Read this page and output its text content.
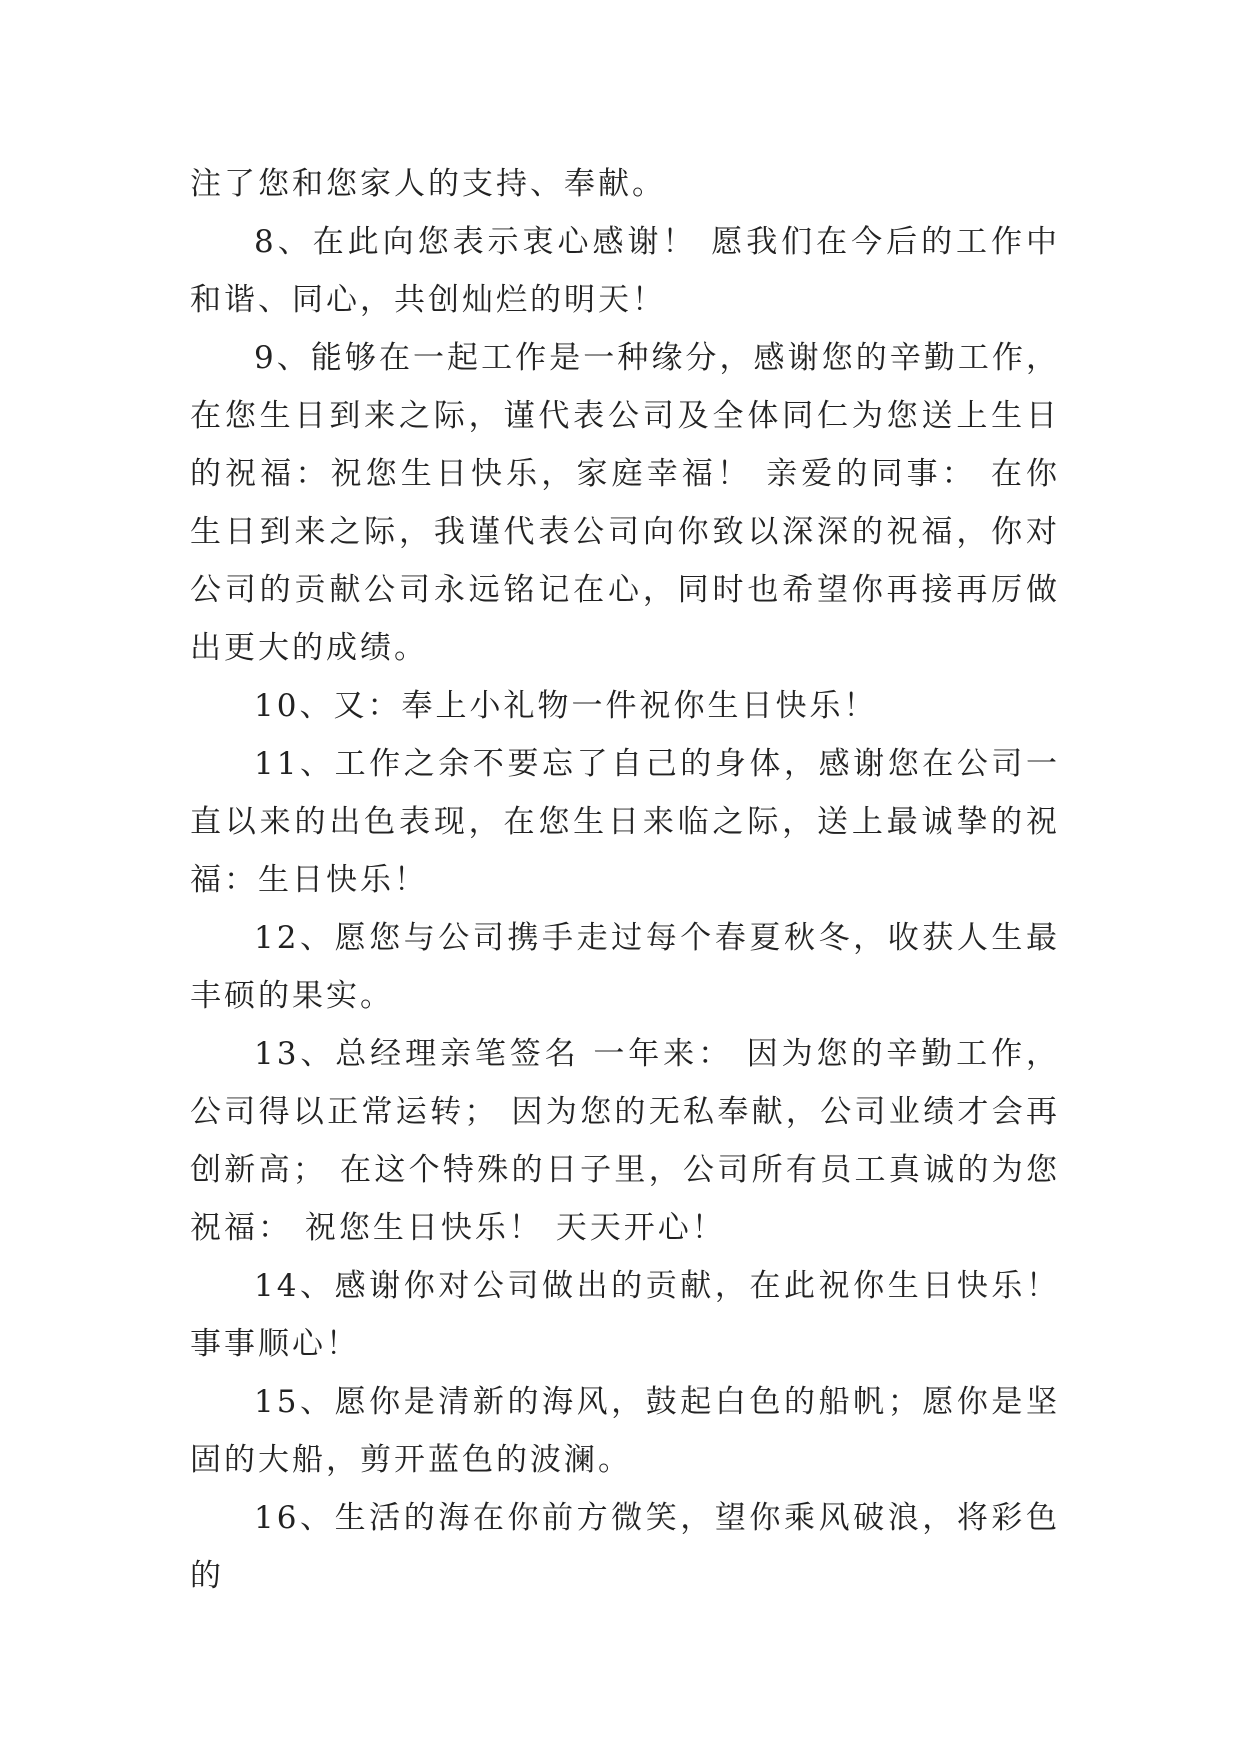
注了您和您家人的支持、奉献。

8、在此向您表示衷心感谢！ 愿我们在今后的工作中和谐、同心，共创灿烂的明天！

9、能够在一起工作是一种缘分，感谢您的辛勤工作，在您生日到来之际，谨代表公司及全体同仁为您送上生日的祝福：祝您生日快乐，家庭幸福！ 亲爱的同事： 在你生日到来之际，我谨代表公司向你致以深深的祝福，你对公司的贡献公司永远铭记在心，同时也希望你再接再厉做出更大的成绩。

10、又：奉上小礼物一件祝你生日快乐！

11、工作之余不要忘了自己的身体，感谢您在公司一直以来的出色表现，在您生日来临之际，送上最诚挚的祝福：生日快乐！

12、愿您与公司携手走过每个春夏秋冬，收获人生最丰硕的果实。

13、总经理亲笔签名 一年来： 因为您的辛勤工作，公司得以正常运转； 因为您的无私奉献，公司业绩才会再创新高； 在这个特殊的日子里，公司所有员工真诚的为您祝福： 祝您生日快乐！ 天天开心！

14、感谢你对公司做出的贡献，在此祝你生日快乐！事事顺心！

15、愿你是清新的海风，鼓起白色的船帆；愿你是坚固的大船，剪开蓝色的波澜。

16、生活的海在你前方微笑，望你乘风破浪，将彩色的
